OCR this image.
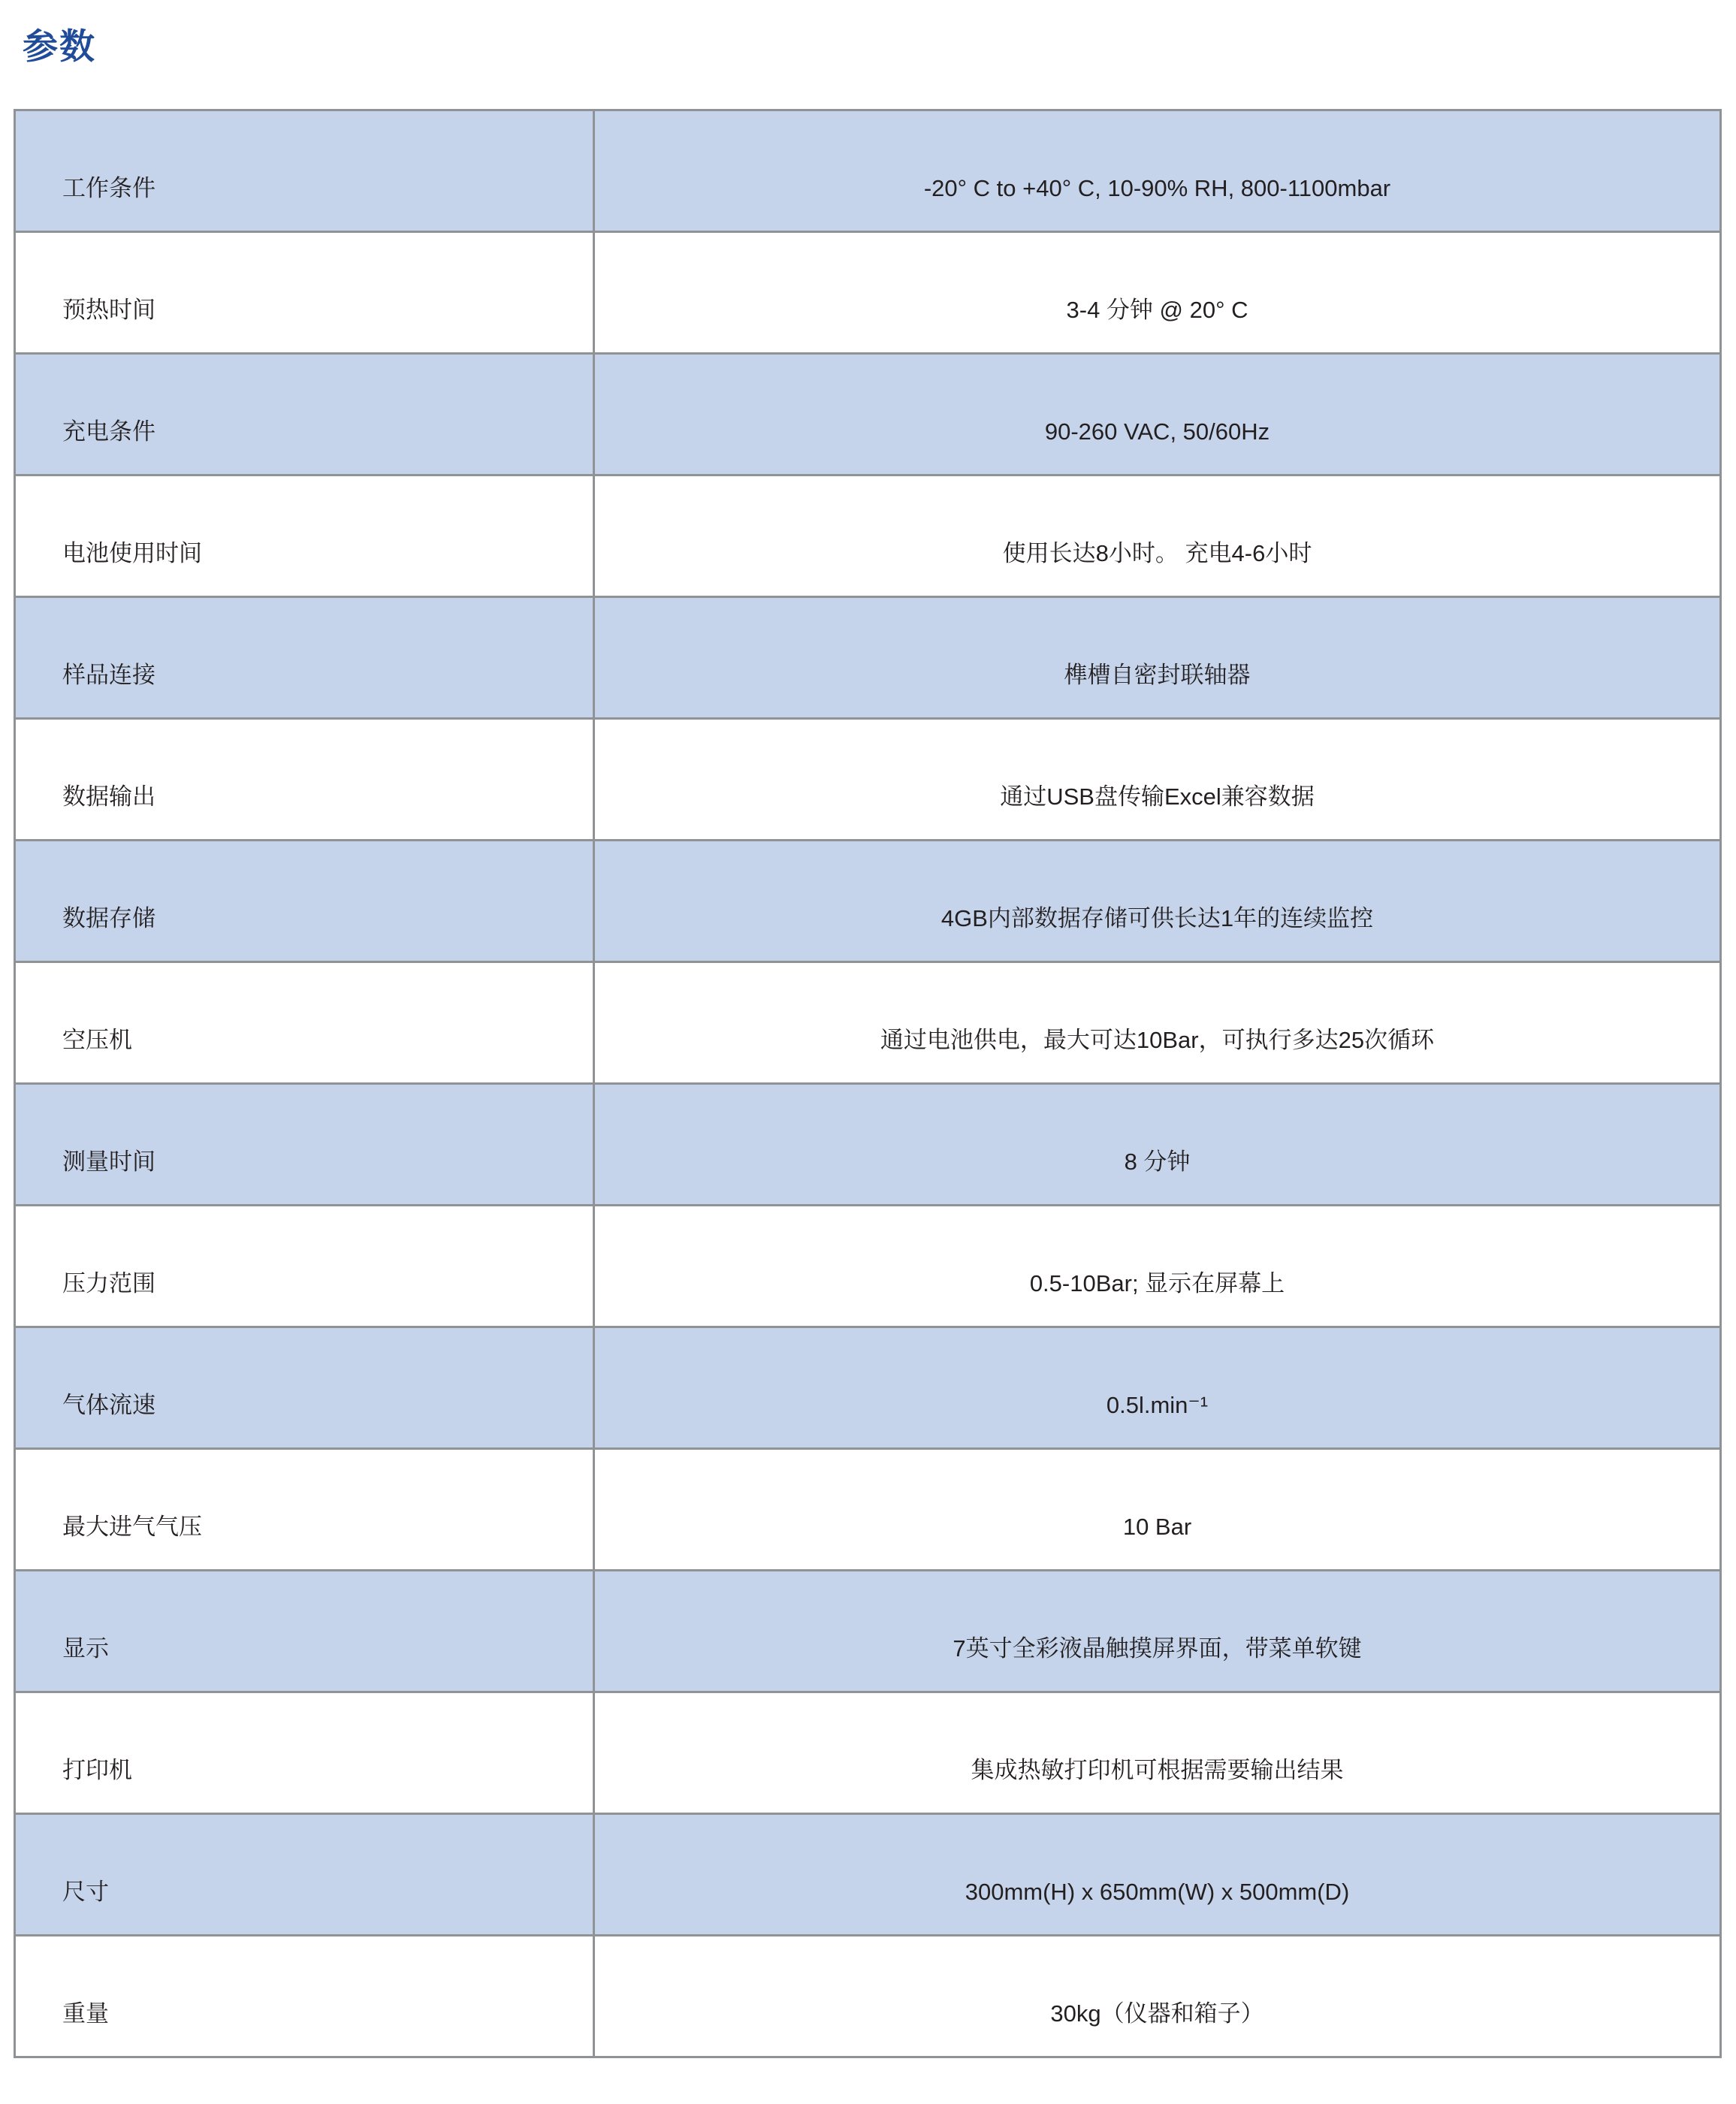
参数
工作条件	-20° C to +40° C, 10-90% RH, 800-1100mbar
预热时间	3-4 分钟 @ 20° C
充电条件	90-260 VAC, 50/60Hz
电池使用时间	使用长达8小时。 充电4-6小时
样品连接	榫槽自密封联轴器
数据输出	通过USB盘传输Excel兼容数据
数据存储	4GB内部数据存储可供长达1年的连续监控
空压机	通过电池供电，最大可达10Bar，可执行多达25次循环
测量时间	8 分钟
压力范围	0.5-10Bar; 显示在屏幕上
气体流速	0.5l.min⁻¹
最大进气气压	10 Bar
显示	7英寸全彩液晶触摸屏界面，带菜单软键
打印机	集成热敏打印机可根据需要输出结果
尺寸	300mm(H) x 650mm(W) x 500mm(D)
重量	30kg（仪器和箱子）
